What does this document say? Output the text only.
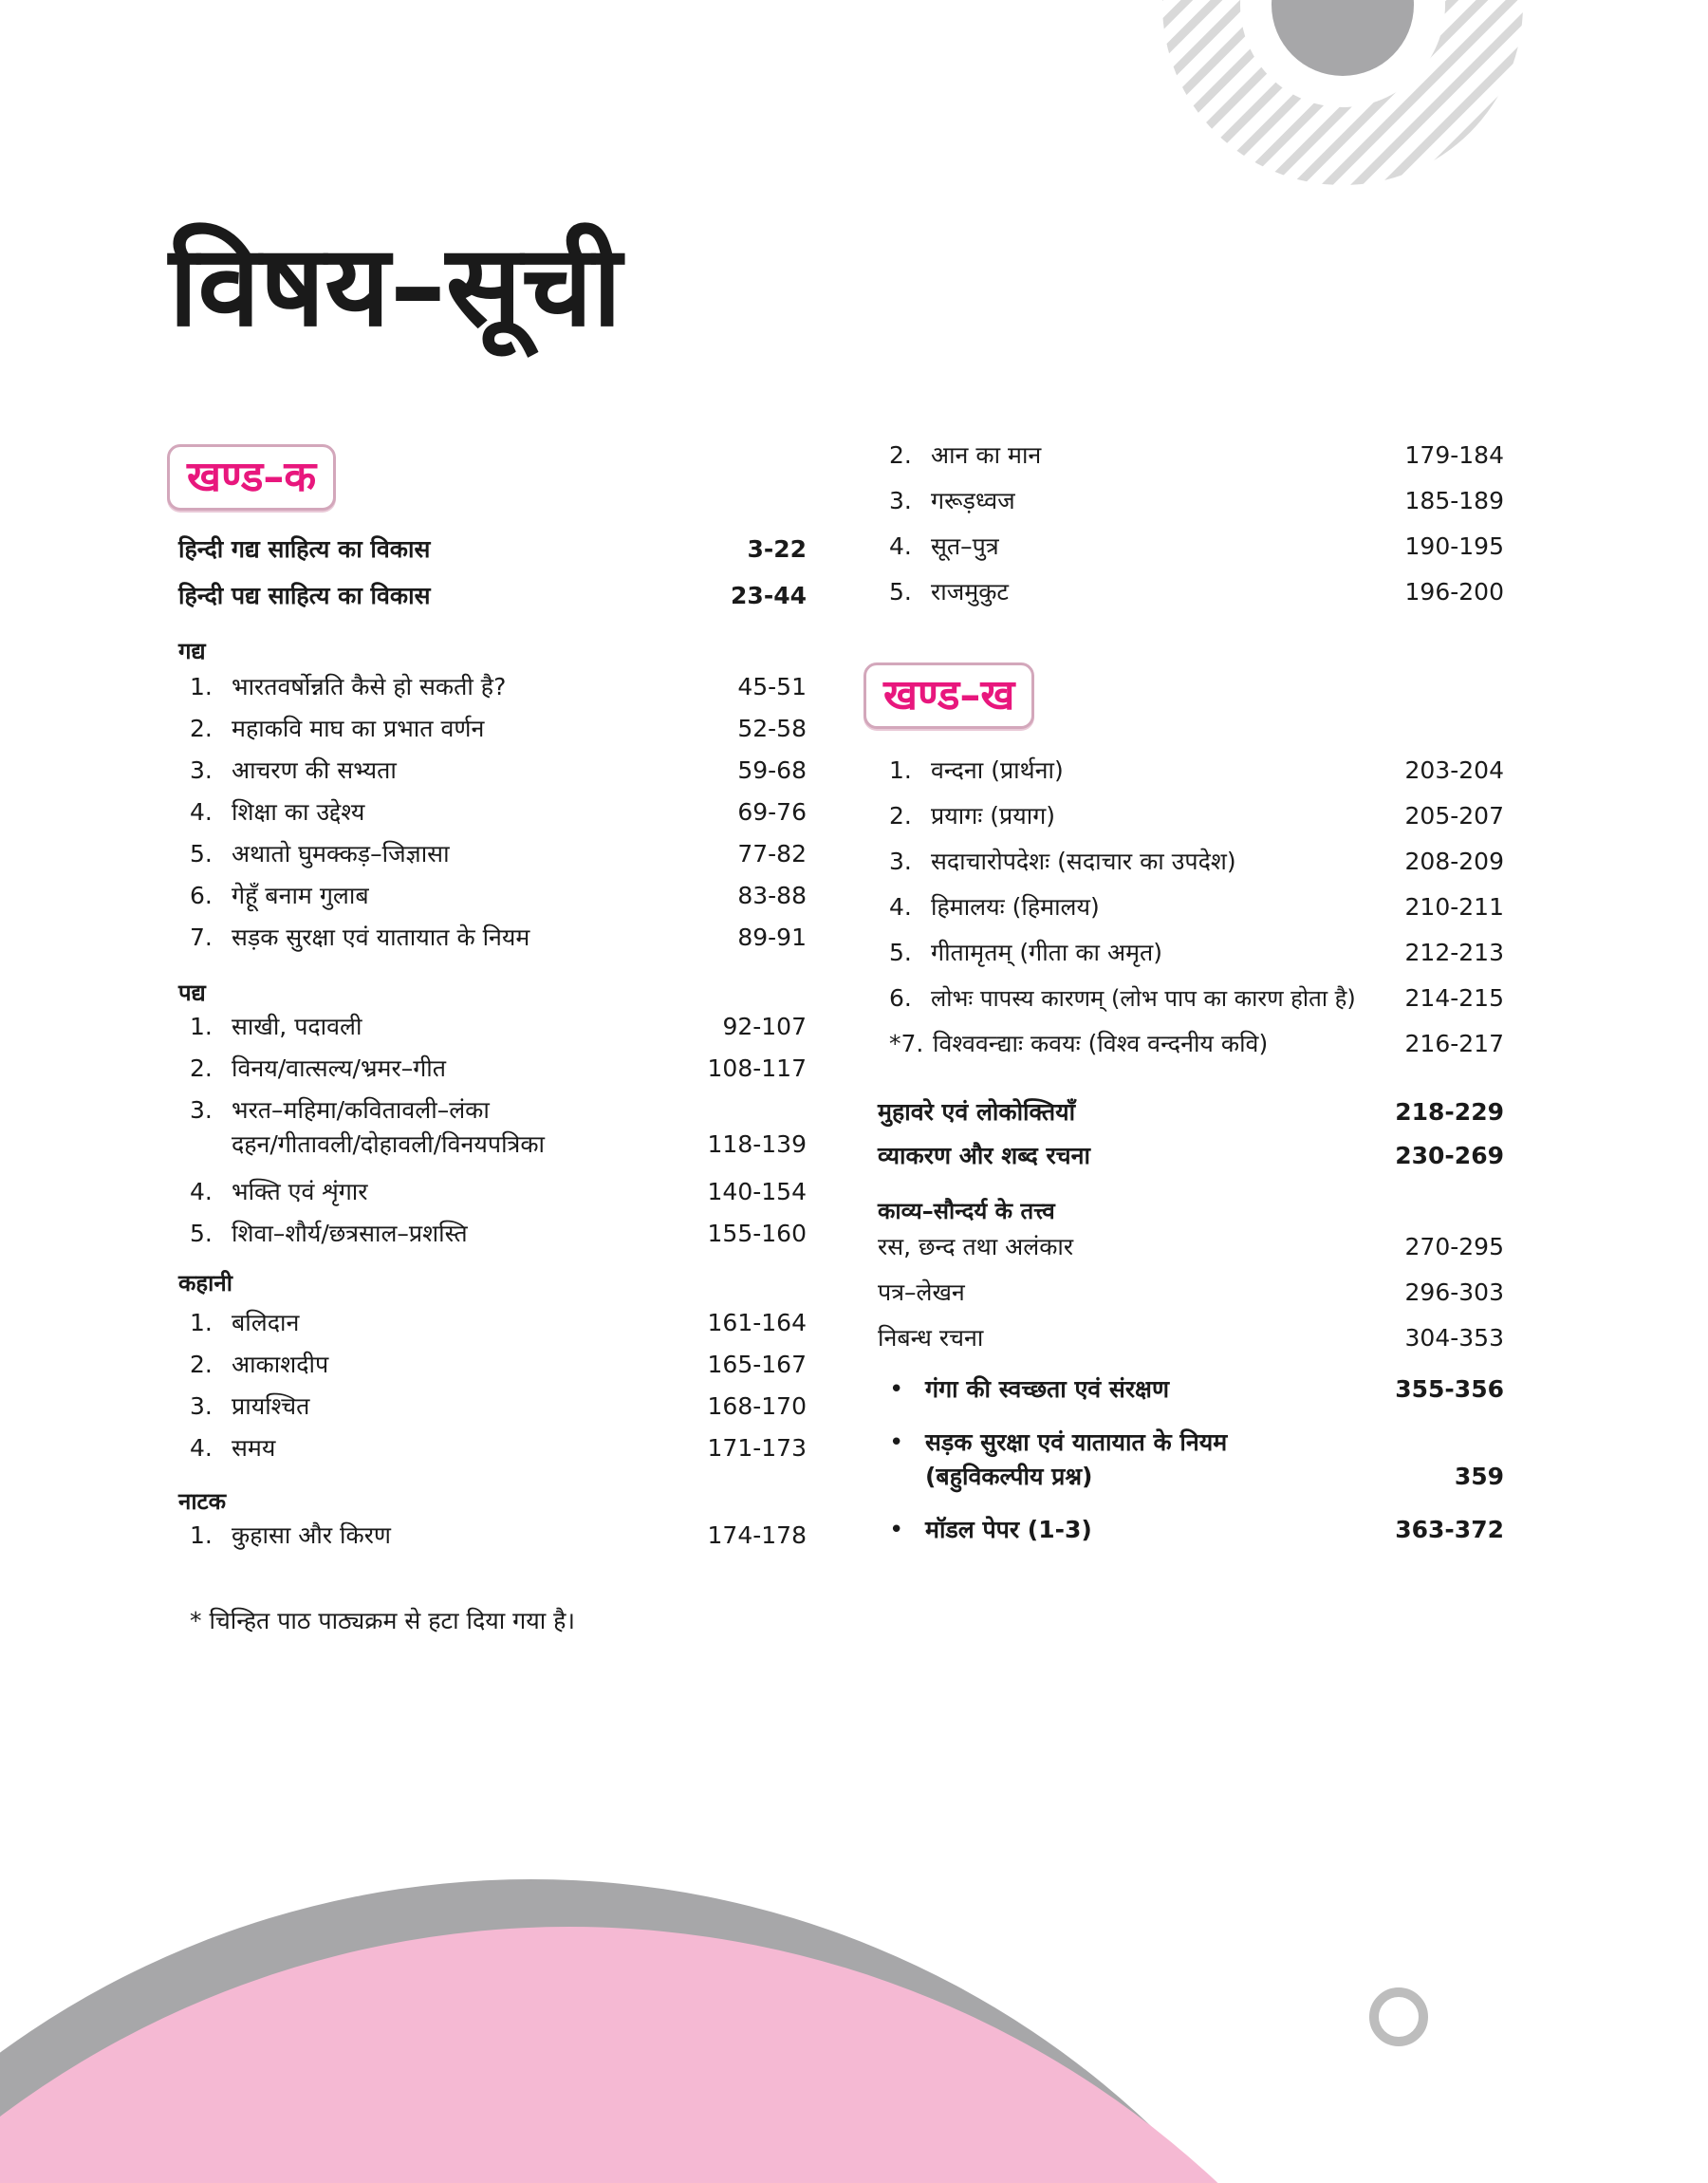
विषय–सूची
खण्ड–क
हिन्दी गद्य साहित्य का विकास	3-22
हिन्दी पद्य साहित्य का विकास	23-44
गद्य
1. भारतवर्षोन्नति कैसे हो सकती है?	45-51
2. महाकवि माघ का प्रभात वर्णन	52-58
3. आचरण की सभ्यता	59-68
4. शिक्षा का उद्देश्य	69-76
5. अथातो घुमक्कड़–जिज्ञासा	77-82
6. गेहूँ बनाम गुलाब	83-88
7. सड़क सुरक्षा एवं यातायात के नियम	89-91
पद्य
1. साखी, पदावली	92-107
2. विनय/वात्सल्य/भ्रमर–गीत	108-117
3. भरत–महिमा/कवितावली–लंका
दहन/गीतावली/दोहावली/विनयपत्रिका	118-139
4. भक्ति एवं शृंगार	140-154
5. शिवा–शौर्य/छत्रसाल–प्रशस्ति	155-160
कहानी
1. बलिदान	161-164
2. आकाशदीप	165-167
3. प्रायश्चित	168-170
4. समय	171-173
नाटक
1. कुहासा और किरण	174-178
* चिन्हित पाठ पाठ्यक्रम से हटा दिया गया है।
2. आन का मान	179-184
3. गरूड़ध्वज	185-189
4. सूत–पुत्र	190-195
5. राजमुकुट	196-200
1. वन्दना (प्रार्थना)	203-204
2. प्रयागः (प्रयाग)	205-207
3. सदाचारोपदेशः (सदाचार का उपदेश)	208-209
4. हिमालयः (हिमालय)	210-211
5. गीतामृतम् (गीता का अमृत)	212-213
6. लोभः पापस्य कारणम् (लोभ पाप का कारण होता है) 214-215
*7. विश्ववन्द्याः कवयः (विश्व वन्दनीय कवि)	216-217
मुहावरे एवं लोकोक्तियाँ	218-229
व्याकरण और शब्द रचना	230-269
काव्य–सौन्दर्य के तत्त्व
रस, छन्द तथा अलंकार	270-295
पत्र–लेखन	296-303
निबन्ध रचना	304-353
• गंगा की स्वच्छता एवं संरक्षण	355-356
• सड़क सुरक्षा एवं यातायात के नियम
(बहुविकल्पीय प्रश्न)	359
• मॉडल पेपर (1-3)	363-372
खण्ड–ख
